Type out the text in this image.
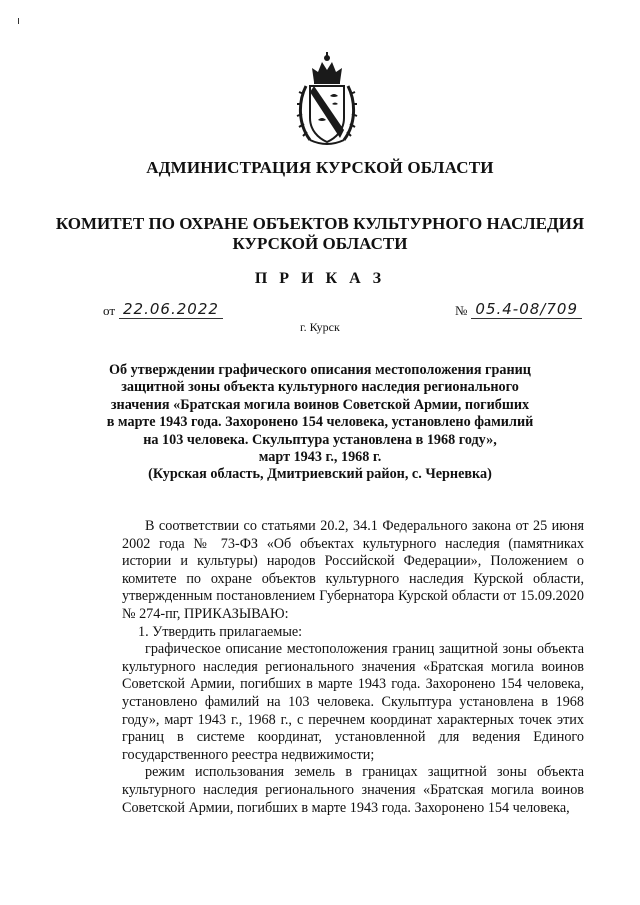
АДМИНИСТРАЦИЯ КУРСКОЙ ОБЛАСТИ
КОМИТЕТ ПО ОХРАНЕ ОБЪЕКТОВ КУЛЬТУРНОГО НАСЛЕДИЯ
КУРСКОЙ ОБЛАСТИ
П Р И К А З
от 22.06.2022	№ 05.4-08/709
г. Курск
Об утверждении графического описания местоположения границ
защитной зоны объекта культурного наследия регионального
значения «Братская могила воинов Советской Армии, погибших
в марте 1943 года. Захоронено 154 человека, установлено фамилий
на 103 человека. Скульптура установлена в 1968 году»,
март 1943 г., 1968 г.
(Курская область, Дмитриевский район, с. Черневка)

В соответствии со статьями 20.2, 34.1 Федерального закона от 25 июня 2002 года № 73-ФЗ «Об объектах культурного наследия (памятниках истории и культуры) народов Российской Федерации», Положением о комитете по охране объектов культурного наследия Курской области, утвержденным постановлением Губернатора Курской области от 15.09.2020 № 274-пг, ПРИКАЗЫВАЮ:

1. Утвердить прилагаемые:

графическое описание местоположения границ защитной зоны объекта культурного наследия регионального значения «Братская могила воинов Советской Армии, погибших в марте 1943 года. Захоронено 154 человека, установлено фамилий на 103 человека. Скульптура установлена в 1968 году», март 1943 г., 1968 г., с перечнем координат характерных точек этих границ в системе координат, установленной для ведения Единого государственного реестра недвижимости;

режим использования земель в границах защитной зоны объекта культурного наследия регионального значения «Братская могила воинов Советской Армии, погибших в марте 1943 года. Захоронено 154 человека,
